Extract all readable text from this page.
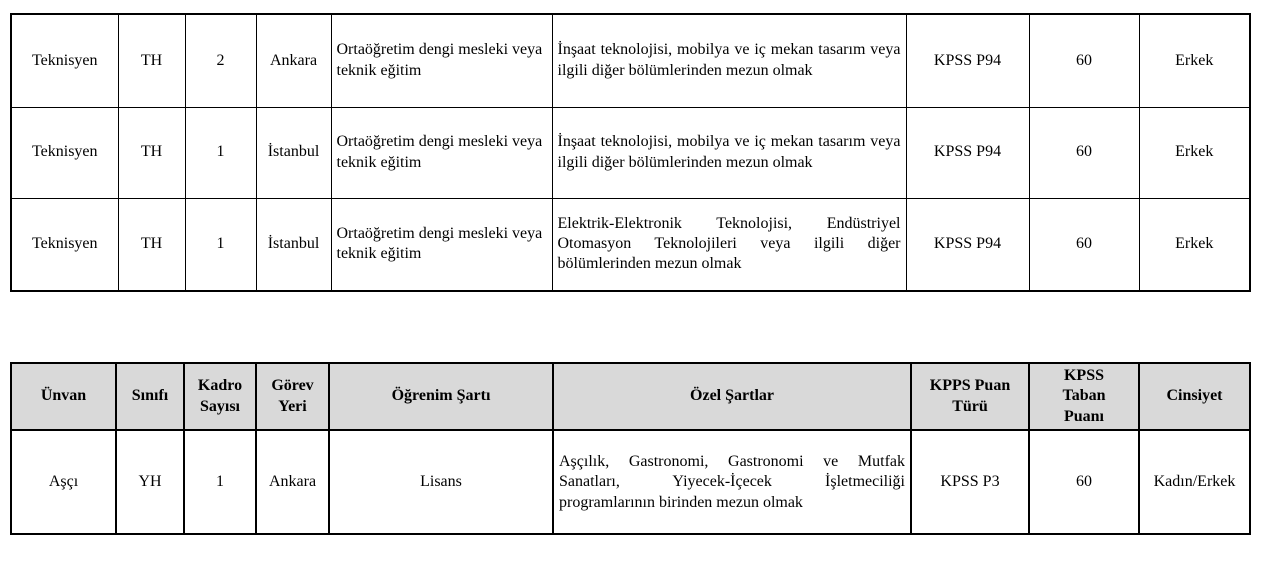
Teknisyen	TH	2	Ankara	Ortaöğretim dengi mesleki veya teknik eğitim	İnşaat teknolojisi, mobilya ve iç mekan tasarım veya ilgili diğer bölümlerinden mezun olmak	KPSS P94	60	Erkek
Teknisyen	TH	1	İstanbul	Ortaöğretim dengi mesleki veya teknik eğitim	İnşaat teknolojisi, mobilya ve iç mekan tasarım veya ilgili diğer bölümlerinden mezun olmak	KPSS P94	60	Erkek
Teknisyen	TH	1	İstanbul	Ortaöğretim dengi mesleki veya teknik eğitim	Elektrik-Elektronik Teknolojisi, Endüstriyel Otomasyon Teknolojileri veya ilgili diğer bölümlerinden mezun olmak	KPSS P94	60	Erkek
Ünvan	Sınıfı	Kadro Sayısı	Görev Yeri	Öğrenim Şartı	Özel Şartlar	KPPS Puan Türü	KPSS Taban Puanı	Cinsiyet
Aşçı	YH	1	Ankara	Lisans	Aşçılık, Gastronomi, Gastronomi ve Mutfak Sanatları, Yiyecek-İçecek İşletmeciliği programlarının birinden mezun olmak	KPSS P3	60	Kadın/Erkek
